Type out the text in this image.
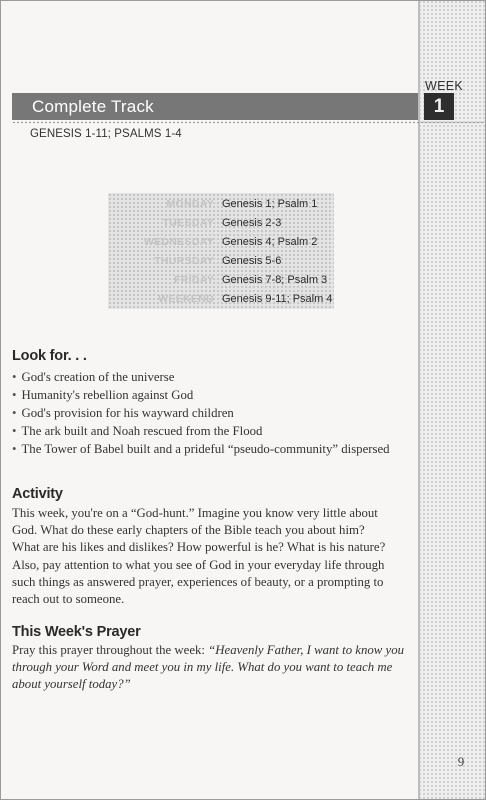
WEEK
1
Complete Track
GENESIS 1-11; PSALMS 1-4
MONDAY Genesis 1; Psalm 1
TUESDAY Genesis 2-3
WEDNESDAY Genesis 4; Psalm 2
THURSDAY Genesis 5-6
FRIDAY Genesis 7-8; Psalm 3
WEEKEND Genesis 9-11; Psalm 4
Look for. . .
• God's creation of the universe
• Humanity's rebellion against God
• God's provision for his wayward children
• The ark built and Noah rescued from the Flood
• The Tower of Babel built and a prideful “pseudo-community” dispersed
Activity
This week, you're on a “God-hunt.” Imagine you know very little about
God. What do these early chapters of the Bible teach you about him?
What are his likes and dislikes? How powerful is he? What is his nature?
Also, pay attention to what you see of God in your everyday life through
such things as answered prayer, experiences of beauty, or a prompting to
reach out to someone.
This Week's Prayer
Pray this prayer throughout the week: “Heavenly Father, I want to know you
through your Word and meet you in my life. What do you want to teach me
about yourself today?”
9
